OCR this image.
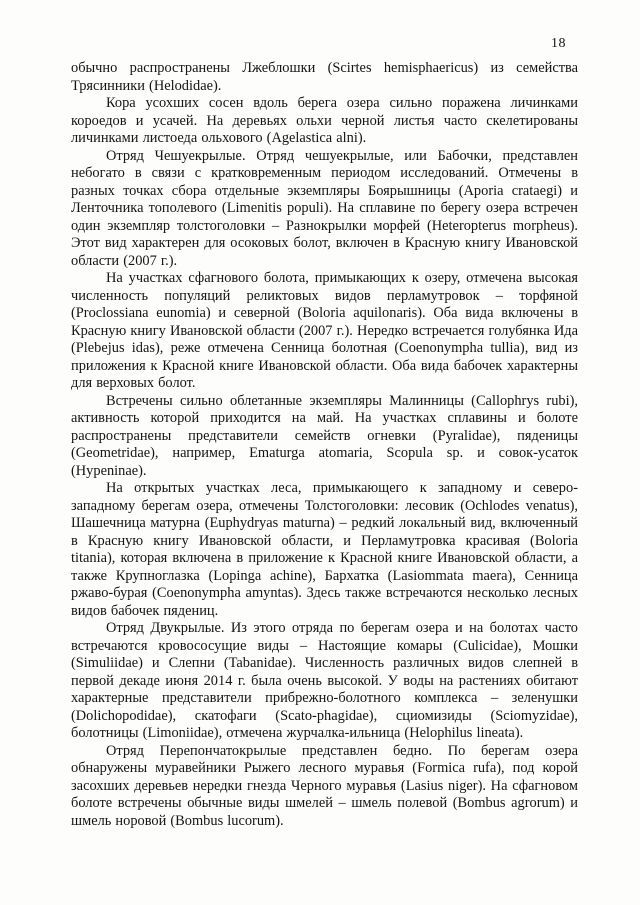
18

обычно распространены Лжеблошки (Scirtes hemisphaericus) из семейства Трясинники (Helodidae).

Кора усохших сосен вдоль берега озера сильно поражена личинками короедов и усачей. На деревьях ольхи черной листья часто скелетированы личинками листоеда ольхового (Agelastica alni).

Отряд Чешуекрылые. Отряд чешуекрылые, или Бабочки, представлен небогато в связи с кратковременным периодом исследований. Отмечены в разных точках сбора отдельные экземпляры Боярышницы (Aporia crataegi) и Ленточника тополевого (Limenitis populi). На сплавине по берегу озера встречен один экземпляр толстоголовки – Разнокрылки морфей (Heteropterus morpheus). Этот вид характерен для осоковых болот, включен в Красную книгу Ивановской области (2007 г.).

На участках сфагнового болота, примыкающих к озеру, отмечена высокая численность популяций реликтовых видов перламутровок – торфяной (Proclossiana eunomia) и северной (Boloria aquilonaris). Оба вида включены в Красную книгу Ивановской области (2007 г.). Нередко встречается голубянка Ида (Plebejus idas), реже отмечена Сенница болотная (Coenonympha tullia), вид из приложения к Красной книге Ивановской области. Оба вида бабочек характерны для верховых болот.

Встречены сильно облетанные экземпляры Малинницы (Callophrys rubi), активность которой приходится на май. На участках сплавины и болоте распространены представители семейств огневки (Pyralidae), пяденицы (Geometridae), например, Ematurga atomaria, Scopula sp. и совок-усаток (Hypeninae).

На открытых участках леса, примыкающего к западному и северо-западному берегам озера, отмечены Толстоголовки: лесовик (Ochlodes venatus), Шашечница матурна (Euphydryas maturna) – редкий локальный вид, включенный в Красную книгу Ивановской области, и Перламутровка красивая (Boloria titania), которая включена в приложение к Красной книге Ивановской области, а также Крупноглазка (Lopinga achine), Бархатка (Lasiommata maera), Сенница ржаво-бурая (Coenonympha amyntas). Здесь также встречаются несколько лесных видов бабочек пядениц.

Отряд Двукрылые. Из этого отряда по берегам озера и на болотах часто встречаются кровососущие виды – Настоящие комары (Culicidae), Мошки (Simuliidae) и Слепни (Tabanidae). Численность различных видов слепней в первой декаде июня 2014 г. была очень высокой. У воды на растениях обитают характерные представители прибрежно-болотного комплекса – зеленушки (Dolichopodidae), скатофаги (Scato-phagidae), сциомизиды (Sciomyzidae), болотницы (Limoniidae), отмечена журчалка-ильница (Helophilus lineata).

Отряд Перепончатокрылые представлен бедно. По берегам озера обнаружены муравейники Рыжего лесного муравья (Formica rufa), под корой засохших деревьев нередки гнезда Черного муравья (Lasius niger). На сфагновом болоте встречены обычные виды шмелей – шмель полевой (Bombus agrorum) и шмель норовой (Bombus lucorum).
